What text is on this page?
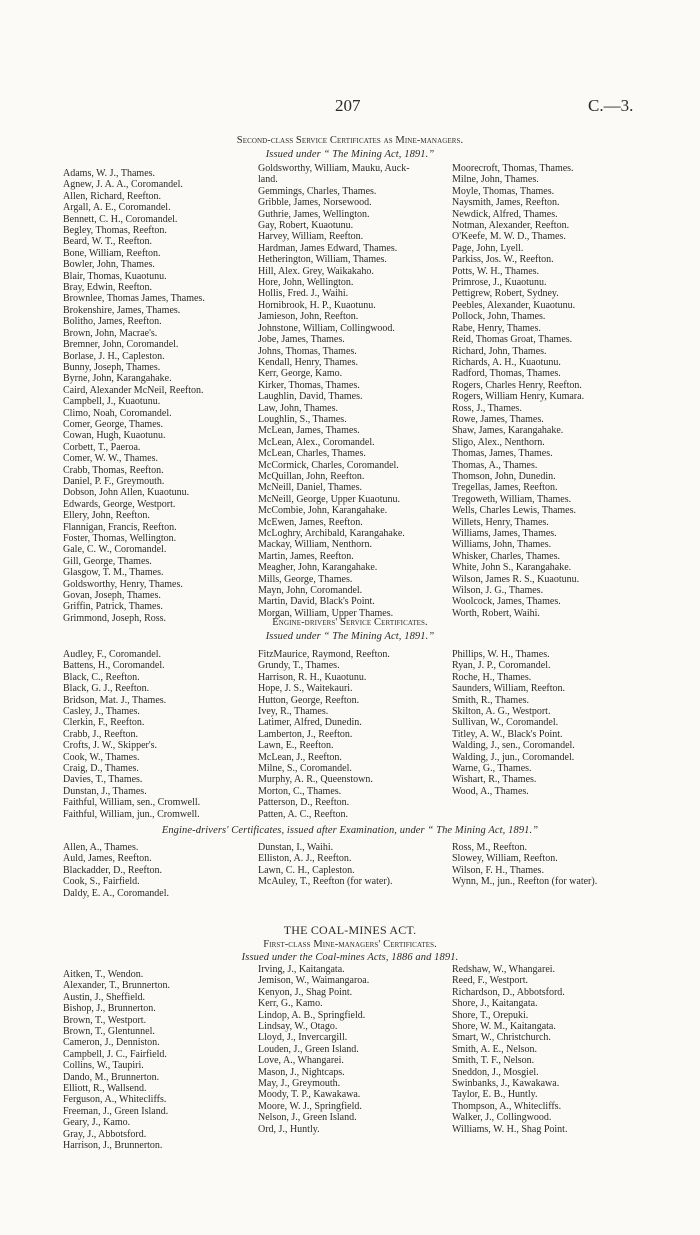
207	C.—3.
Second-class Service Certificates as Mine-managers.
Issued under “ The Mining Act, 1891.”
Adams, W. J., Thames.
Agnew, J. A. A., Coromandel.
Allen, Richard, Reefton.
Argall, A. E., Coromandel.
Bennett, C. H., Coromandel.
Begley, Thomas, Reefton.
Beard, W. T., Reefton.
Bone, William, Reefton.
Bowler, John, Thames.
Blair, Thomas, Kuaotunu.
Bray, Edwin, Reefton.
Brownlee, Thomas James, Thames.
Brokenshire, James, Thames.
Bolitho, James, Reefton.
Brown, John, Macrae's.
Bremner, John, Coromandel.
Borlase, J. H., Capleston.
Bunny, Joseph, Thames.
Byrne, John, Karangahake.
Caird, Alexander McNeil, Reefton.
Campbell, J., Kuaotunu.
Climo, Noah, Coromandel.
Comer, George, Thames.
Cowan, Hugh, Kuaotunu.
Corbett, T., Paeroa.
Comer, W. W., Thames.
Crabb, Thomas, Reefton.
Daniel, P. F., Greymouth.
Dobson, John Allen, Kuaotunu.
Edwards, George, Westport.
Ellery, John, Reefton.
Flannigan, Francis, Reefton.
Foster, Thomas, Wellington.
Gale, C. W., Coromandel.
Gill, George, Thames.
Glasgow, T. M., Thames.
Goldsworthy, Henry, Thames.
Govan, Joseph, Thames.
Griffin, Patrick, Thames.
Grimmond, Joseph, Ross.
Goldsworthy, William, Mauku, Auck-
land.
Gemmings, Charles, Thames.
Gribble, James, Norsewood.
Guthrie, James, Wellington.
Gay, Robert, Kuaotunu.
Harvey, William, Reefton.
Hardman, James Edward, Thames.
Hetherington, William, Thames.
Hill, Alex. Grey, Waikakaho.
Hore, John, Wellington.
Hollis, Fred. J., Waihi.
Hornibrook, H. P., Kuaotunu.
Jamieson, John, Reefton.
Johnstone, William, Collingwood.
Jobe, James, Thames.
Johns, Thomas, Thames.
Kendall, Henry, Thames.
Kerr, George, Kamo.
Kirker, Thomas, Thames.
Laughlin, David, Thames.
Law, John, Thames.
Loughlin, S., Thames.
McLean, James, Thames.
McLean, Alex., Coromandel.
McLean, Charles, Thames.
McCormick, Charles, Coromandel.
McQuillan, John, Reefton.
McNeill, Daniel, Thames.
McNeill, George, Upper Kuaotunu.
McCombie, John, Karangahake.
McEwen, James, Reefton.
McLoghry, Archibald, Karangahake.
Mackay, William, Nenthorn.
Martin, James, Reefton.
Meagher, John, Karangahake.
Mills, George, Thames.
Mayn, John, Coromandel.
Martin, David, Black's Point.
Morgan, William, Upper Thames.
Moorecroft, Thomas, Thames.
Milne, John, Thames.
Moyle, Thomas, Thames.
Naysmith, James, Reefton.
Newdick, Alfred, Thames.
Notman, Alexander, Reefton.
O'Keefe, M. W. D., Thames.
Page, John, Lyell.
Parkiss, Jos. W., Reefton.
Potts, W. H., Thames.
Primrose, J., Kuaotunu.
Pettigrew, Robert, Sydney.
Peebles, Alexander, Kuaotunu.
Pollock, John, Thames.
Rabe, Henry, Thames.
Reid, Thomas Groat, Thames.
Richard, John, Thames.
Richards, A. H., Kuaotunu.
Radford, Thomas, Thames.
Rogers, Charles Henry, Reefton.
Rogers, William Henry, Kumara.
Ross, J., Thames.
Rowe, James, Thames.
Shaw, James, Karangahake.
Sligo, Alex., Nenthorn.
Thomas, James, Thames.
Thomas, A., Thames.
Thomson, John, Dunedin.
Tregellas, James, Reefton.
Tregoweth, William, Thames.
Wells, Charles Lewis, Thames.
Willets, Henry, Thames.
Williams, James, Thames.
Williams, John, Thames.
Whisker, Charles, Thames.
White, John S., Karangahake.
Wilson, James R. S., Kuaotunu.
Wilson, J. G., Thames.
Woolcock, James, Thames.
Worth, Robert, Waihi.
Engine-drivers' Service Certificates.
Issued under “ The Mining Act, 1891.”
Audley, F., Coromandel.
Battens, H., Coromandel.
Black, C., Reefton.
Black, G. J., Reefton.
Bridson, Mat. J., Thames.
Casley, J., Thames.
Clerkin, F., Reefton.
Crabb, J., Reefton.
Crofts, J. W., Skipper's.
Cook, W., Thames.
Craig, D., Thames.
Davies, T., Thames.
Dunstan, J., Thames.
Faithful, William, sen., Cromwell.
Faithful, William, jun., Cromwell.
FitzMaurice, Raymond, Reefton.
Grundy, T., Thames.
Harrison, R. H., Kuaotunu.
Hope, J. S., Waitekauri.
Hutton, George, Reefton.
Ivey, R., Thames.
Latimer, Alfred, Dunedin.
Lamberton, J., Reefton.
Lawn, E., Reefton.
McLean, J., Reefton.
Milne, S., Coromandel.
Murphy, A. R., Queenstown.
Morton, C., Thames.
Patterson, D., Reefton.
Patten, A. C., Reefton.
Phillips, W. H., Thames.
Ryan, J. P., Coromandel.
Roche, H., Thames.
Saunders, William, Reefton.
Smith, R., Thames.
Skilton, A. G., Westport.
Sullivan, W., Coromandel.
Titley, A. W., Black's Point.
Walding, J., sen., Coromandel.
Walding, J., jun., Coromandel.
Warne, G., Thames.
Wishart, R., Thames.
Wood, A., Thames.
Engine-drivers' Certificates, issued after Examination, under “ The Mining Act, 1891.”
Allen, A., Thames.
Auld, James, Reefton.
Blackadder, D., Reefton.
Cook, S., Fairfield.
Daldy, E. A., Coromandel.
Dunstan, I., Waihi.
Elliston, A. J., Reefton.
Lawn, C. H., Capleston.
McAuley, T., Reefton (for water).
Ross, M., Reefton.
Slowey, William, Reefton.
Wilson, F. H., Thames.
Wynn, M., jun., Reefton (for water).
THE COAL-MINES ACT.
First-class Mine-managers' Certificates.
Issued under the Coal-mines Acts, 1886 and 1891.
Aitken, T., Wendon.
Alexander, T., Brunnerton.
Austin, J., Sheffield.
Bishop, J., Brunnerton.
Brown, T., Westport.
Brown, T., Glentunnel.
Cameron, J., Denniston.
Campbell, J. C., Fairfield.
Collins, W., Taupiri.
Dando, M., Brunnerton.
Elliott, R., Wallsend.
Ferguson, A., Whitecliffs.
Freeman, J., Green Island.
Geary, J., Kamo.
Gray, J., Abbotsford.
Harrison, J., Brunnerton.
Irving, J., Kaitangata.
Jemison, W., Waimangaroa.
Kenyon, J., Shag Point.
Kerr, G., Kamo.
Lindop, A. B., Springfield.
Lindsay, W., Otago.
Lloyd, J., Invercargill.
Louden, J., Green Island.
Love, A., Whangarei.
Mason, J., Nightcaps.
May, J., Greymouth.
Moody, T. P., Kawakawa.
Moore, W. J., Springfield.
Nelson, J., Green Island.
Ord, J., Huntly.
Redshaw, W., Whangarei.
Reed, F., Westport.
Richardson, D., Abbotsford.
Shore, J., Kaitangata.
Shore, T., Orepuki.
Shore, W. M., Kaitangata.
Smart, W., Christchurch.
Smith, A. E., Nelson.
Smith, T. F., Nelson.
Sneddon, J., Mosgiel.
Swinbanks, J., Kawakawa.
Taylor, E. B., Huntly.
Thompson, A., Whitecliffs.
Walker, J., Collingwood.
Williams, W. H., Shag Point.
